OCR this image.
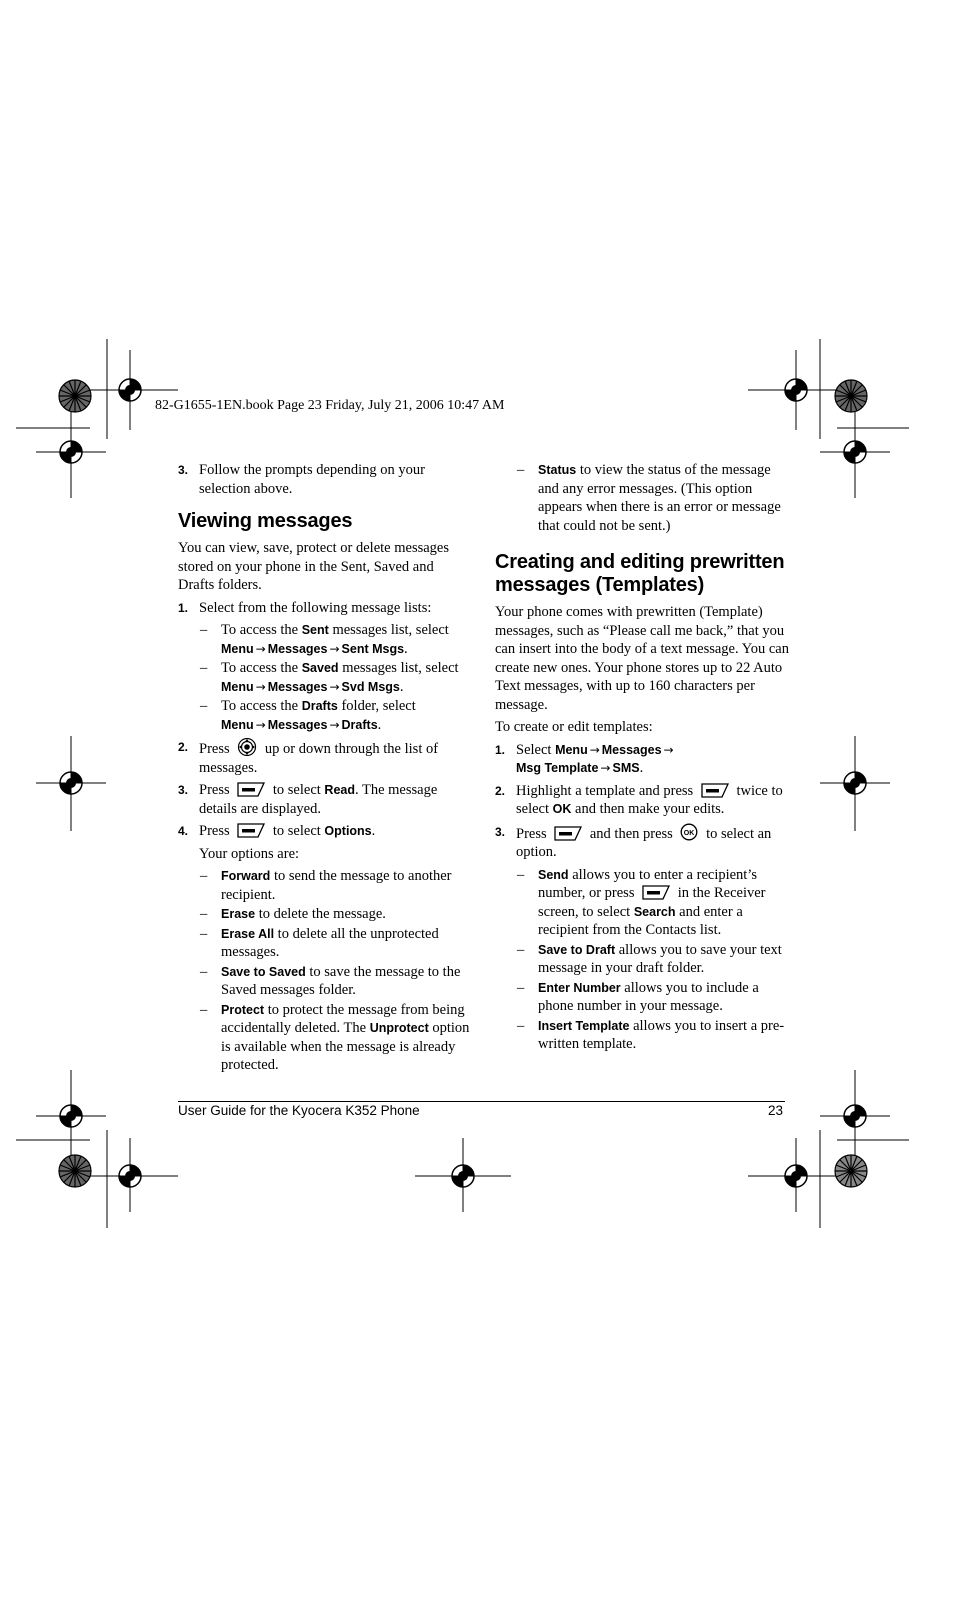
82-G1655-1EN.book Page 23 Friday, July 21, 2006 10:47 AM
3. Follow the prompts depending on your selection above.
Viewing messages
You can view, save, protect or delete messages stored on your phone in the Sent, Saved and Drafts folders.
1. Select from the following message lists:
– To access the Sent messages list, select Menu → Messages → Sent Msgs.
– To access the Saved messages list, select Menu → Messages → Svd Msgs.
– To access the Drafts folder, select Menu → Messages → Drafts.
2. Press up or down through the list of messages.
3. Press	to select Read. The message details are displayed.
4. Press	to select Options.
Your options are:
– Forward to send the message to another recipient.
– Erase to delete the message.
– Erase All to delete all the unprotected messages.
– Save to Saved to save the message to the Saved messages folder.
– Protect to protect the message from being accidentally deleted. The Unprotect option is available when the message is already protected.
– Status to view the status of the message and any error messages. (This option appears when there is an error or message that could not be sent.)
Creating and editing prewritten messages (Templates)
Your phone comes with prewritten (Template) messages, such as “Please call me back,” that you can insert into the body of a text message. You can create new ones. Your phone stores up to 22 Auto Text messages, with up to 160 characters per message.
To create or edit templates:
1. Select Menu → Messages →
Msg Template → SMS.
2. Highlight a template and press	twice to select OK and then make your edits.
3. Press	and then press OK to select an option.
– Send allows you to enter a recipient’s number, or press	in the Receiver screen, to select Search and enter a recipient from the Contacts list.
– Save to Draft allows you to save your text message in your draft folder.
– Enter Number allows you to include a phone number in your message.
– Insert Template allows you to insert a pre-written template.
User Guide for the Kyocera K352 Phone	23
